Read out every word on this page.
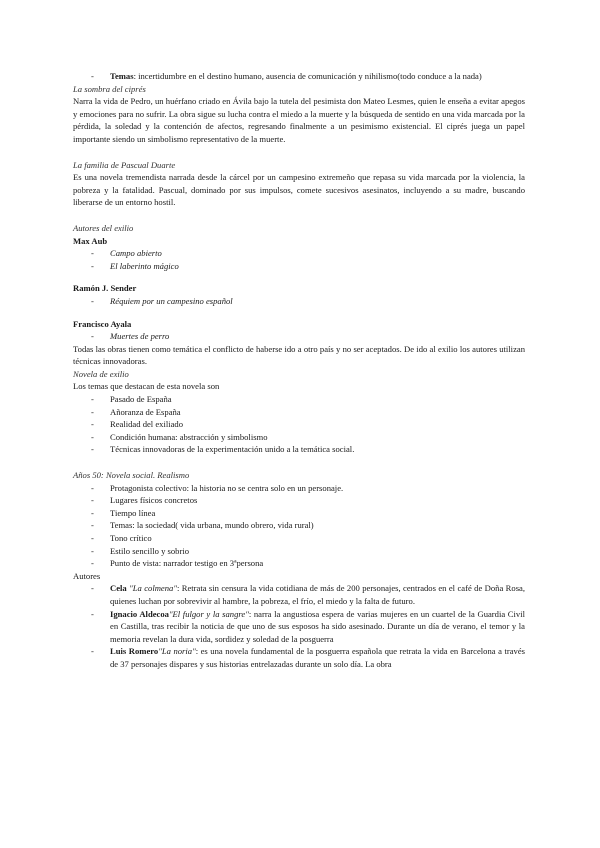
- Temas: incertidumbre en el destino humano, ausencia de comunicación y nihilismo(todo conduce a la nada)

La sombra del ciprés

Narra la vida de Pedro, un huérfano criado en Ávila bajo la tutela del pesimista don Mateo Lesmes, quien le enseña a evitar apegos y emociones para no sufrir. La obra sigue su lucha contra el miedo a la muerte y la búsqueda de sentido en una vida marcada por la pérdida, la soledad y la contención de afectos, regresando finalmente a un pesimismo existencial. El ciprés juega un papel importante siendo un simbolismo representativo de la muerte.

La familia de Pascual Duarte

Es una novela tremendista narrada desde la cárcel por un campesino extremeño que repasa su vida marcada por la violencia, la pobreza y la fatalidad. Pascual, dominado por sus impulsos, comete sucesivos asesinatos, incluyendo a su madre, buscando liberarse de un entorno hostil.

Autores del exilio

Max Aub

- Campo abierto
- El laberinto mágico

Ramón J. Sender

- Réquiem por un campesino español

Francisco Ayala

- Muertes de perro

Todas las obras tienen como temática el conflicto de haberse ido a otro país y no ser aceptados. De ido al exilio los autores utilizan técnicas innovadoras.

Novela de exilio

Los temas que destacan de esta novela son

- Pasado de España
- Añoranza de España
- Realidad del exiliado
- Condición humana: abstracción y simbolismo
- Técnicas innovadoras de la experimentación unido a la temática social.

Años 50: Novela social. Realismo

- Protagonista colectivo: la historia no se centra solo en un personaje.
- Lugares físicos concretos
- Tiempo línea
- Temas: la sociedad( vida urbana, mundo obrero, vida rural)
- Tono crítico
- Estilo sencillo y sobrio
- Punto de vista: narrador testigo en 3ªpersona

Autores

- Cela "La colmena": Retrata sin censura la vida cotidiana de más de 200 personajes, centrados en el café de Doña Rosa, quienes luchan por sobrevivir al hambre, la pobreza, el frío, el miedo y la falta de futuro.
- Ignacio Aldecoa"El fulgor y la sangre": narra la angustiosa espera de varias mujeres en un cuartel de la Guardia Civil en Castilla, tras recibir la noticia de que uno de sus esposos ha sido asesinado. Durante un día de verano, el temor y la memoria revelan la dura vida, sordidez y soledad de la posguerra
- Luis Romero"La noria": es una novela fundamental de la posguerra española que retrata la vida en Barcelona a través de 37 personajes dispares y sus historias entrelazadas durante un solo día. La obra
